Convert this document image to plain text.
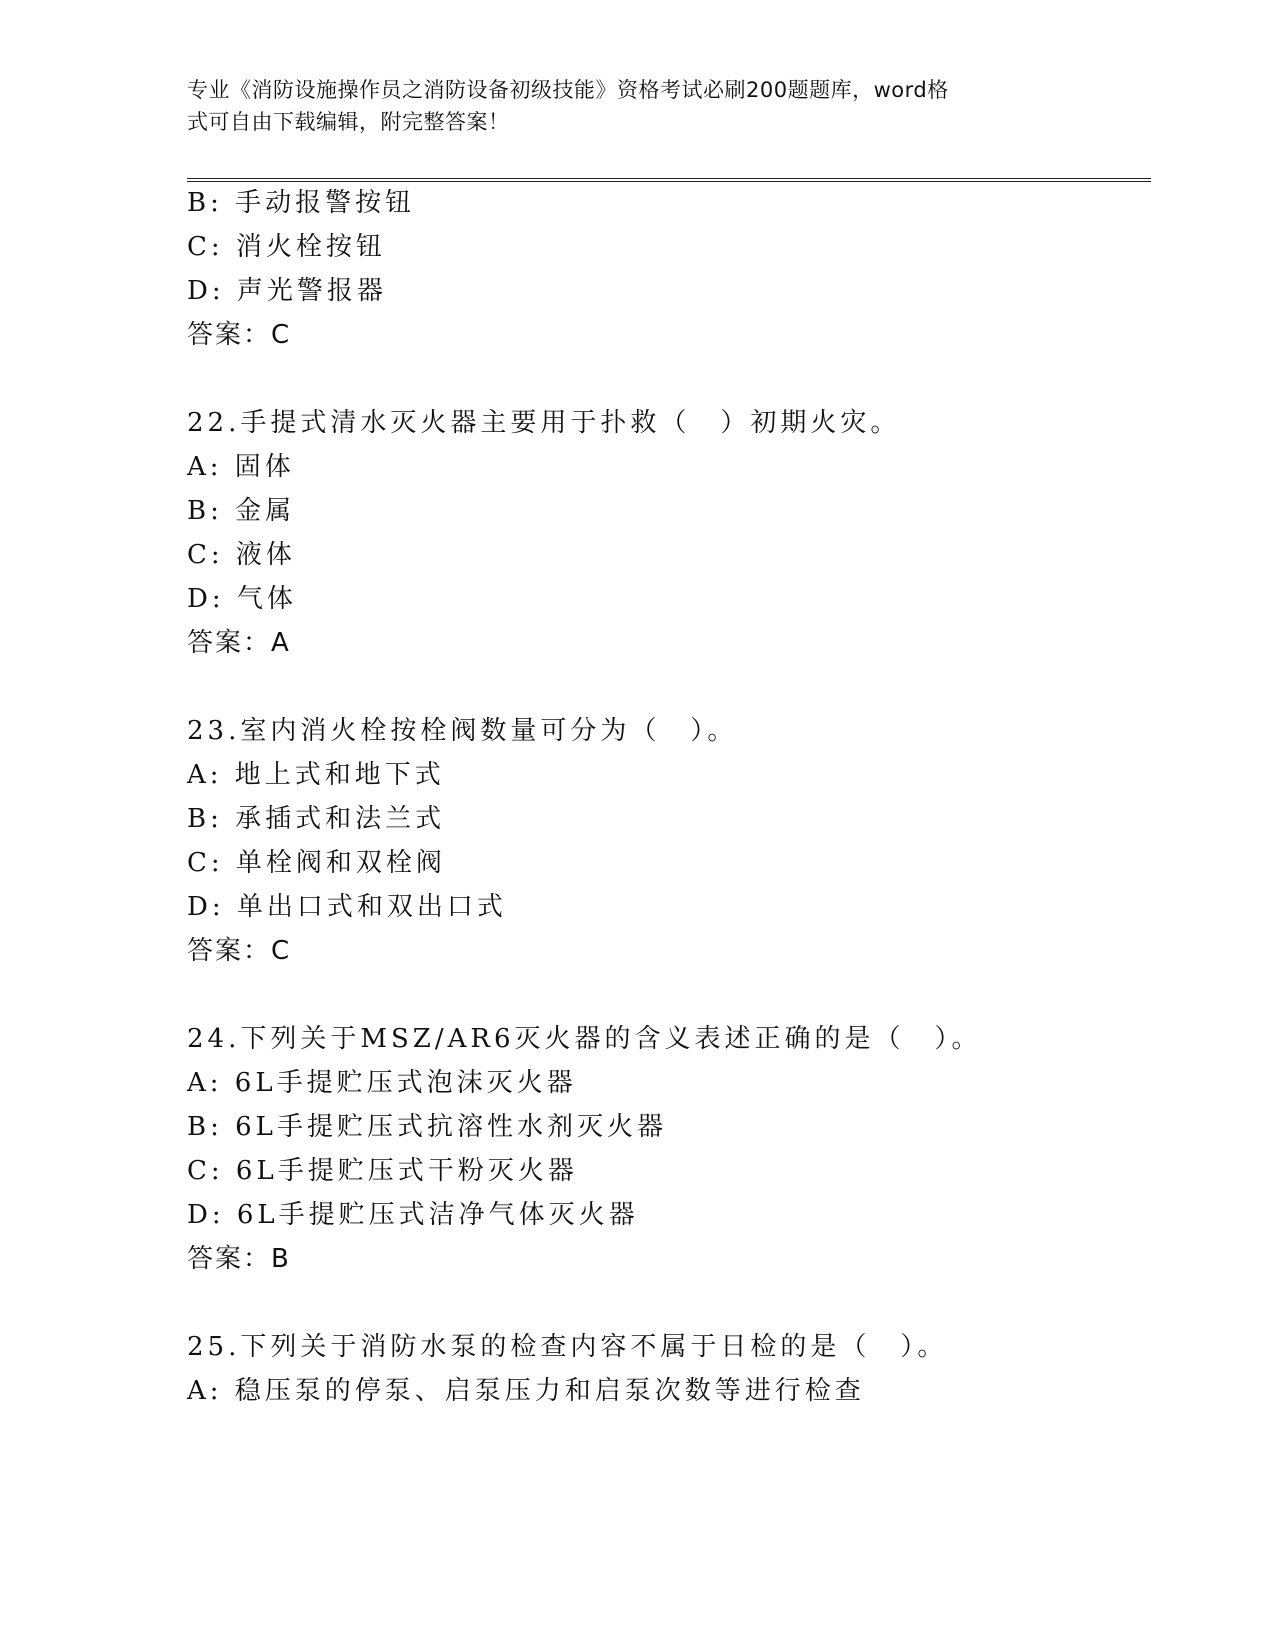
专业《消防设施操作员之消防设备初级技能》资格考试必刷200题题库，word格
式可自由下载编辑，附完整答案！
B: 手动报警按钮
C: 消火栓按钮
D: 声光警报器
答案：C
22.手提式清水灭火器主要用于扑救（　）初期火灾。
A: 固体
B: 金属
C: 液体
D: 气体
答案：A
23.室内消火栓按栓阀数量可分为（　）。
A: 地上式和地下式
B: 承插式和法兰式
C: 单栓阀和双栓阀
D: 单出口式和双出口式
答案：C
24.下列关于MSZ/AR6灭火器的含义表述正确的是（　）。
A: 6L手提贮压式泡沫灭火器
B: 6L手提贮压式抗溶性水剂灭火器
C: 6L手提贮压式干粉灭火器
D: 6L手提贮压式洁净气体灭火器
答案：B
25.下列关于消防水泵的检查内容不属于日检的是（　）。
A: 稳压泵的停泵、启泵压力和启泵次数等进行检查
